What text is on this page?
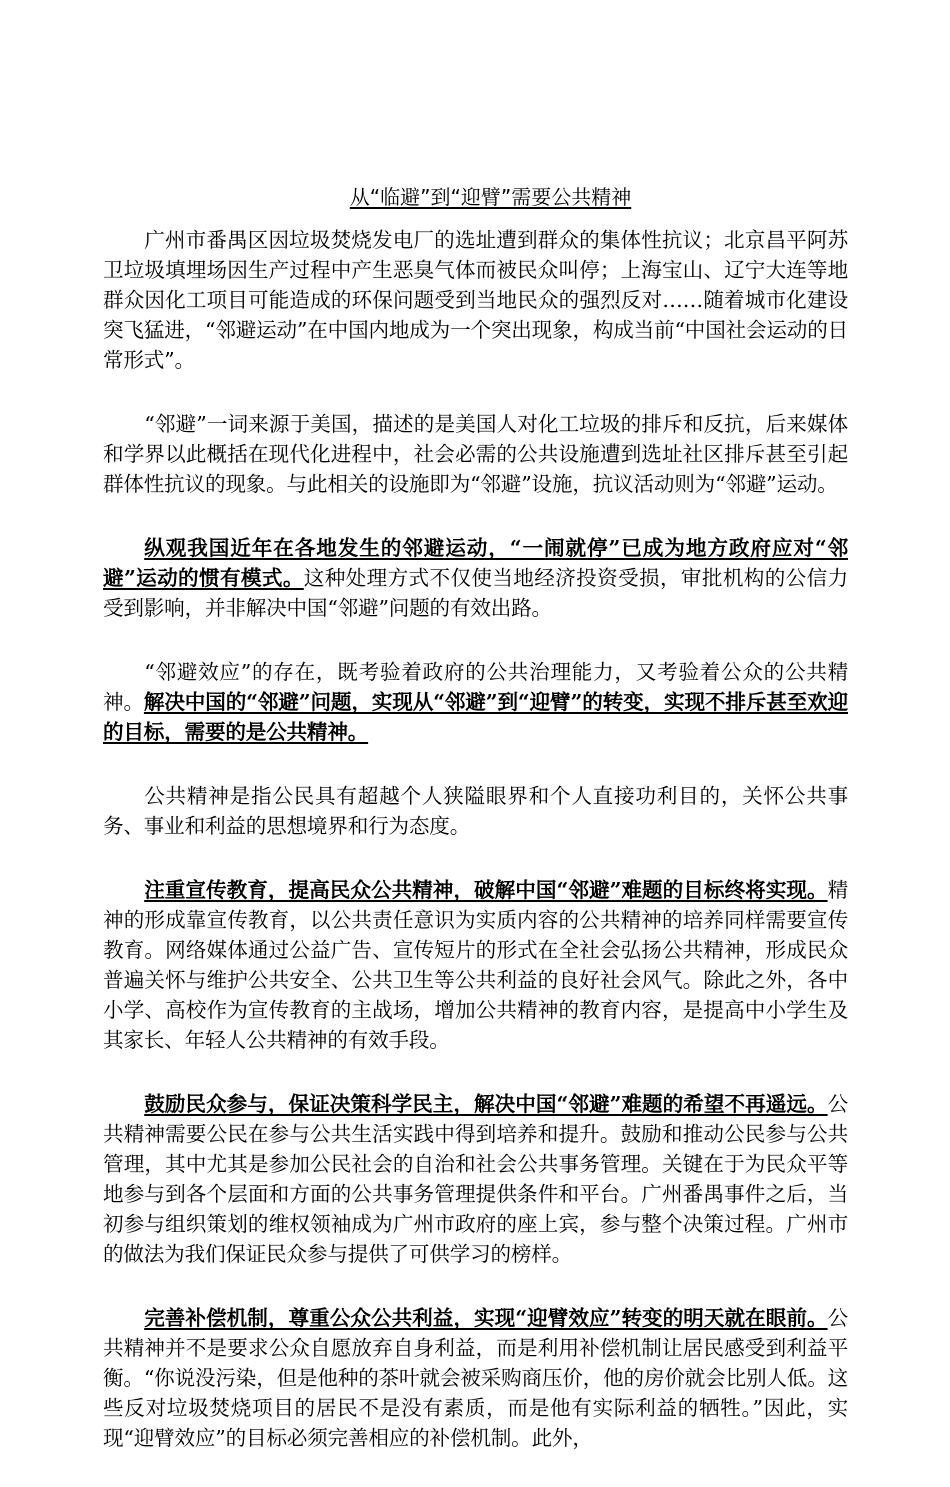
从“临避”到“迎臂”需要公共精神

广州市番禺区因垃圾焚烧发电厂的选址遭到群众的集体性抗议；北京昌平阿苏卫垃圾填埋场因生产过程中产生恶臭气体而被民众叫停；上海宝山、辽宁大连等地群众因化工项目可能造成的环保问题受到当地民众的强烈反对……随着城市化建设突飞猛进，“邻避运动”在中国内地成为一个突出现象，构成当前“中国社会运动的日常形式”。

“邻避”一词来源于美国，描述的是美国人对化工垃圾的排斥和反抗，后来媒体和学界以此概括在现代化进程中，社会必需的公共设施遭到选址社区排斥甚至引起群体性抗议的现象。与此相关的设施即为“邻避”设施，抗议活动则为“邻避”运动。

纵观我国近年在各地发生的邻避运动，“一闹就停”已成为地方政府应对“邻避”运动的惯有模式。这种处理方式不仅使当地经济投资受损，审批机构的公信力受到影响，并非解决中国“邻避”问题的有效出路。

“邻避效应”的存在，既考验着政府的公共治理能力，又考验着公众的公共精神。解决中国的“邻避”问题，实现从“邻避”到“迎臂”的转变，实现不排斥甚至欢迎的目标，需要的是公共精神。

公共精神是指公民具有超越个人狭隘眼界和个人直接功利目的，关怀公共事务、事业和利益的思想境界和行为态度。

注重宣传教育，提高民众公共精神，破解中国“邻避”难题的目标终将实现。精神的形成靠宣传教育，以公共责任意识为实质内容的公共精神的培养同样需要宣传教育。网络媒体通过公益广告、宣传短片的形式在全社会弘扬公共精神，形成民众普遍关怀与维护公共安全、公共卫生等公共利益的良好社会风气。除此之外，各中小学、高校作为宣传教育的主战场，增加公共精神的教育内容，是提高中小学生及其家长、年轻人公共精神的有效手段。

鼓励民众参与，保证决策科学民主，解决中国“邻避”难题的希望不再遥远。公共精神需要公民在参与公共生活实践中得到培养和提升。鼓励和推动公民参与公共管理，其中尤其是参加公民社会的自治和社会公共事务管理。关键在于为民众平等地参与到各个层面和方面的公共事务管理提供条件和平台。广州番禺事件之后，当初参与组织策划的维权领袖成为广州市政府的座上宾，参与整个决策过程。广州市的做法为我们保证民众参与提供了可供学习的榜样。

完善补偿机制，尊重公众公共利益，实现“迎臂效应”转变的明天就在眼前。公共精神并不是要求公众自愿放弃自身利益，而是利用补偿机制让居民感受到利益平衡。“你说没污染，但是他种的茶叶就会被采购商压价，他的房价就会比别人低。这些反对垃圾焚烧项目的居民不是没有素质，而是他有实际利益的牺牲。”因此，实现“迎臂效应”的目标必须完善相应的补偿机制。此外，
